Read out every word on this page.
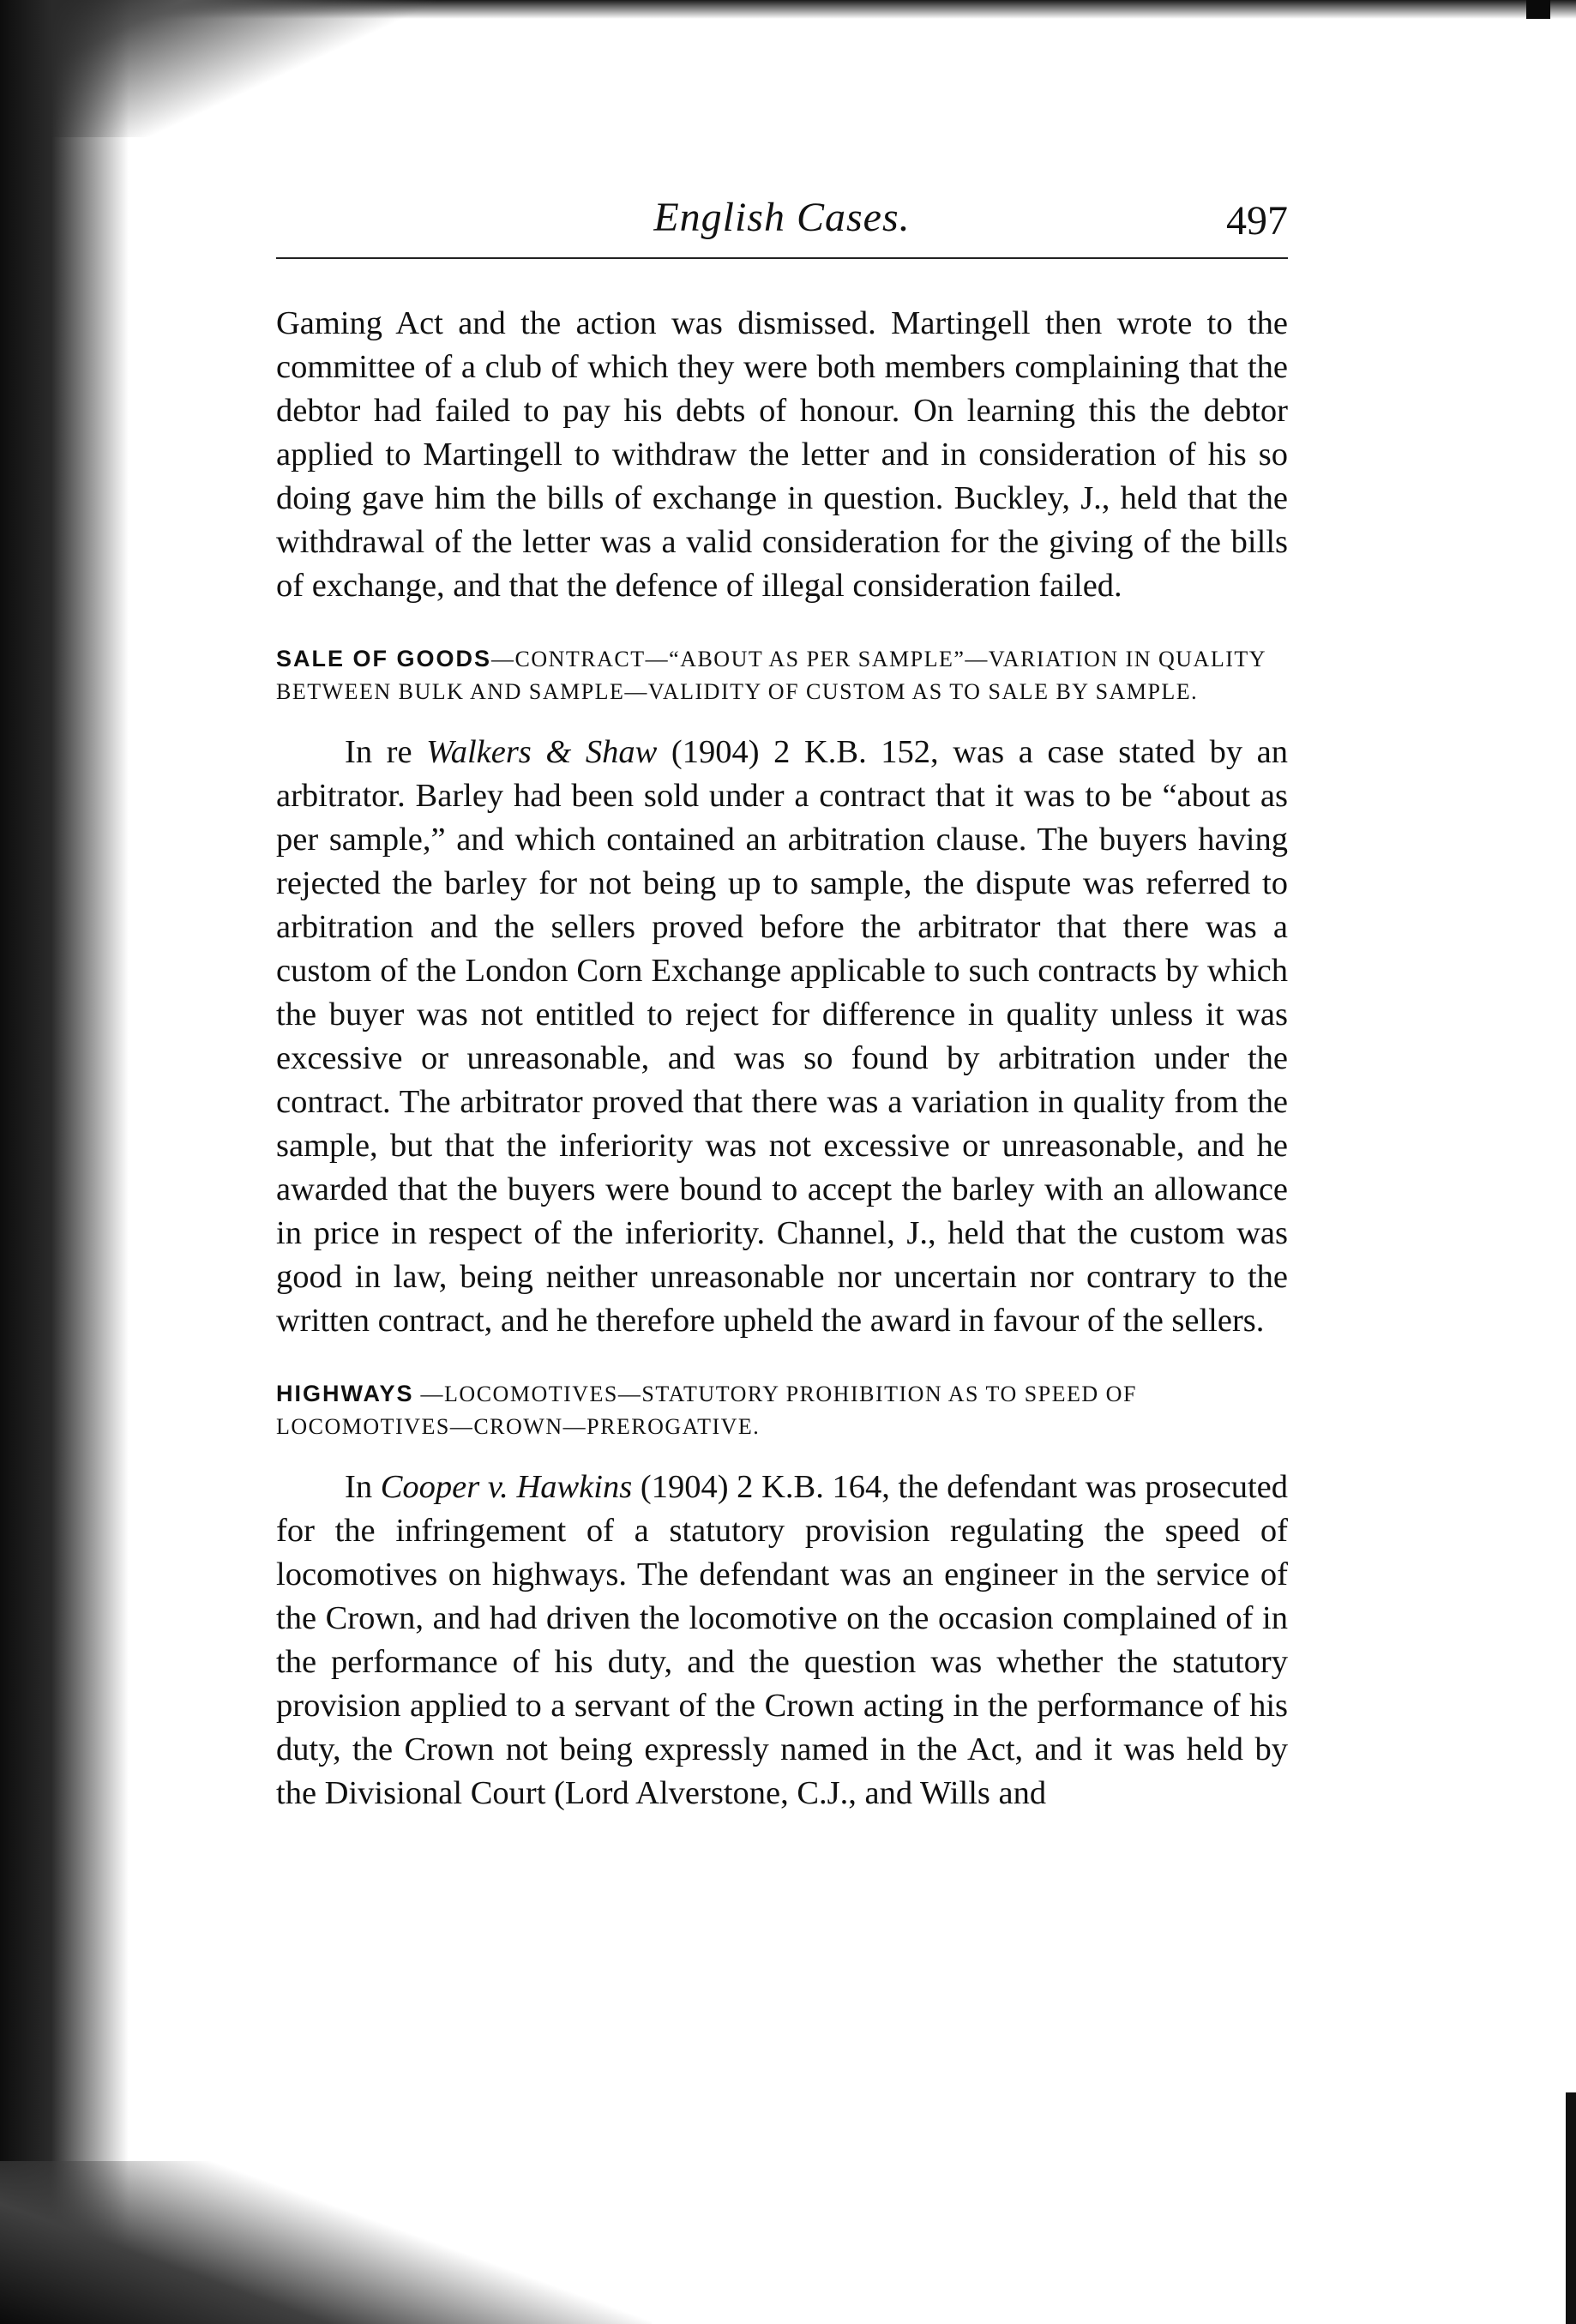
English Cases.	497

Gaming Act and the action was dismissed. Martingell then wrote to the committee of a club of which they were both members complaining that the debtor had failed to pay his debts of honour. On learning this the debtor applied to Martingell to withdraw the letter and in consideration of his so doing gave him the bills of exchange in question. Buckley, J., held that the withdrawal of the letter was a valid consideration for the giving of the bills of exchange, and that the defence of illegal consideration failed.

SALE OF GOODS—CONTRACT—“ABOUT AS PER SAMPLE”—VARIATION IN QUALITY BETWEEN BULK AND SAMPLE—VALIDITY OF CUSTOM AS TO SALE BY SAMPLE.

In re Walkers & Shaw (1904) 2 K.B. 152, was a case stated by an arbitrator. Barley had been sold under a contract that it was to be “about as per sample,” and which contained an arbitration clause. The buyers having rejected the barley for not being up to sample, the dispute was referred to arbitration and the sellers proved before the arbitrator that there was a custom of the London Corn Exchange applicable to such contracts by which the buyer was not entitled to reject for difference in quality unless it was excessive or unreasonable, and was so found by arbitration under the contract. The arbitrator proved that there was a variation in quality from the sample, but that the inferiority was not excessive or unreasonable, and he awarded that the buyers were bound to accept the barley with an allowance in price in respect of the inferiority. Channel, J., held that the custom was good in law, being neither unreasonable nor uncertain nor contrary to the written contract, and he therefore upheld the award in favour of the sellers.

HIGHWAYS —LOCOMOTIVES—STATUTORY PROHIBITION AS TO SPEED OF LOCOMOTIVES—CROWN—PREROGATIVE.

In Cooper v. Hawkins (1904) 2 K.B. 164, the defendant was prosecuted for the infringement of a statutory provision regulating the speed of locomotives on highways. The defendant was an engineer in the service of the Crown, and had driven the locomotive on the occasion complained of in the performance of his duty, and the question was whether the statutory provision applied to a servant of the Crown acting in the performance of his duty, the Crown not being expressly named in the Act, and it was held by the Divisional Court (Lord Alverstone, C.J., and Wills and
